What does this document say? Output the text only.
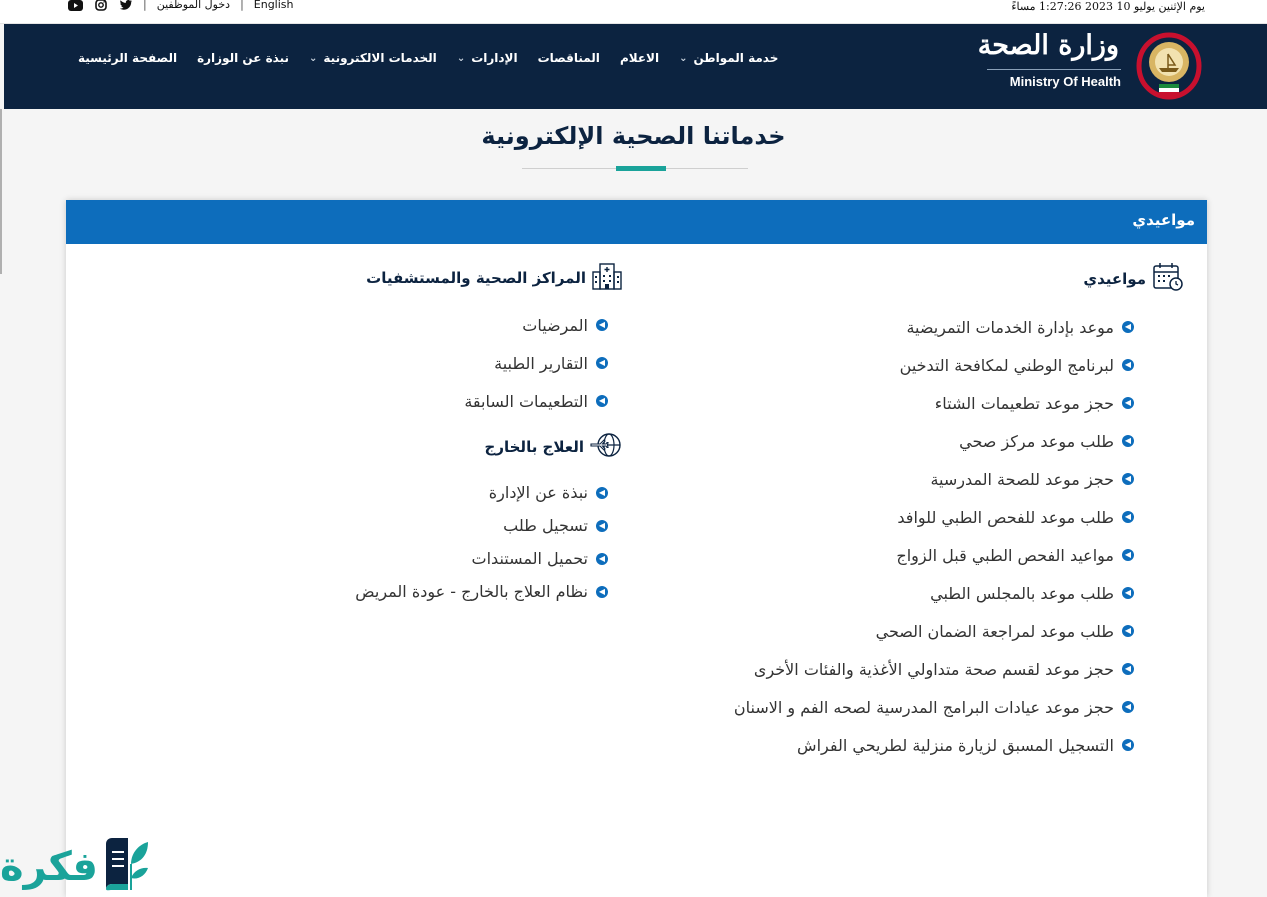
| دخول الموظفين | English	يوم الإثنين يوليو 10 2023 1:27:26 مساءً
الصفحة الرئيسية نبذة عن الوزارة	الخدمات الالكترونية
⌄	الإدارات
⌄	المناقصات الاعلام	خدمة المواطن
⌄	وزارة الصحة
Ministry Of Health
خدماتنا الصحية الإلكترونية
مواعيدي
مواعيدي
◀
موعد بإدارة الخدمات التمريضية
◀
لبرنامج الوطني لمكافحة التدخين
◀
حجز موعد تطعيمات الشتاء
◀
طلب موعد مركز صحي
◀
حجز موعد للصحة المدرسية
◀
طلب موعد للفحص الطبي للوافد
◀
مواعيد الفحص الطبي قبل الزواج
◀
طلب موعد بالمجلس الطبي
◀
طلب موعد لمراجعة الضمان الصحي
◀
حجز موعد لقسم صحة متداولي الأغذية والفئات الأخرى
◀
حجز موعد عيادات البرامج المدرسية لصحه الفم و الاسنان
◀
التسجيل المسبق لزيارة منزلية لطريحي الفراش
المراكز الصحية والمستشفيات
◀
المرضيات
◀
التقارير الطبية
◀
التطعيمات السابقة
العلاج بالخارج
◀
نبذة عن الإدارة
◀
تسجيل طلب
◀
تحميل المستندات
◀
نظام العلاج بالخارج - عودة المريض
فكرة
